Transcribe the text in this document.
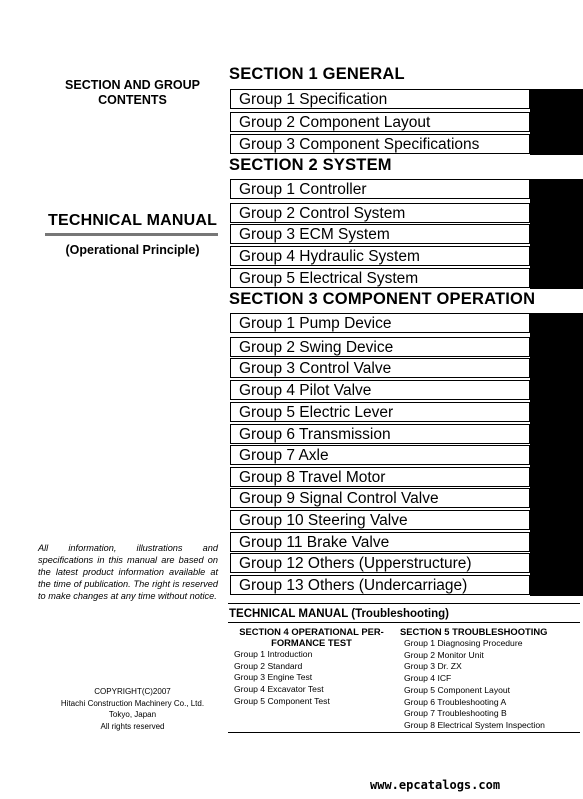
SECTION AND GROUP
CONTENTS
TECHNICAL MANUAL
(Operational Principle)
All information, illustrations and specifications in this manual are based on the latest product information available at the time of publication. The right is reserved to make changes at any time without notice.
COPYRIGHT(C)2007
Hitachi Construction Machinery Co., Ltd.
Tokyo, Japan
All rights reserved
SECTION 1 GENERAL
Group 1 Specification
Group 2 Component Layout
Group 3 Component Specifications
SECTION 2 SYSTEM
Group 1 Controller
Group 2 Control System
Group 3 ECM System
Group 4 Hydraulic System
Group 5 Electrical System
SECTION 3 COMPONENT OPERATION
Group 1 Pump Device
Group 2 Swing Device
Group 3 Control Valve
Group 4 Pilot Valve
Group 5 Electric Lever
Group 6 Transmission
Group 7 Axle
Group 8 Travel Motor
Group 9 Signal Control Valve
Group 10 Steering Valve
Group 11 Brake Valve
Group 12 Others (Upperstructure)
Group 13 Others (Undercarriage)
TECHNICAL MANUAL (Troubleshooting)
SECTION 4 OPERATIONAL PER-
FORMANCE TEST
Group 1 Introduction
Group 2 Standard
Group 3 Engine Test
Group 4 Excavator Test
Group 5 Component Test
SECTION 5 TROUBLESHOOTING
Group 1 Diagnosing Procedure
Group 2 Monitor Unit
Group 3 Dr. ZX
Group 4 ICF
Group 5 Component Layout
Group 6 Troubleshooting A
Group 7 Troubleshooting B
Group 8 Electrical System Inspection
www.epcatalogs.com
